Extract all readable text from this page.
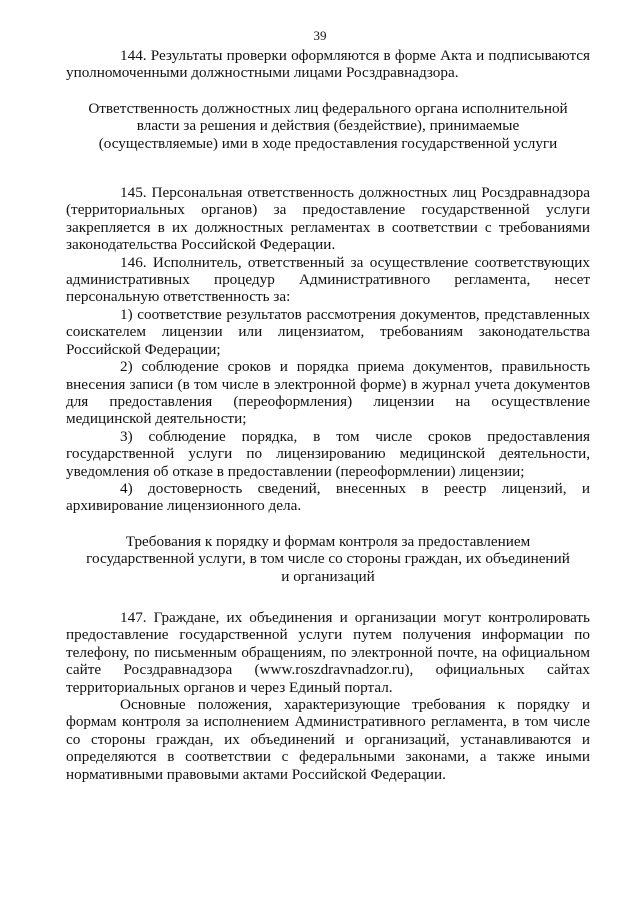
39

144. Результаты проверки оформляются в форме Акта и подписываются уполномоченными должностными лицами Росздравнадзора.

Ответственность должностных лиц федерального органа исполнительной власти за решения и действия (бездействие), принимаемые (осуществляемые) ими в ходе предоставления государственной услуги

145. Персональная ответственность должностных лиц Росздравнадзора (территориальных органов) за предоставление государственной услуги закрепляется в их должностных регламентах в соответствии с требованиями законодательства Российской Федерации.

146. Исполнитель, ответственный за осуществление соответствующих административных процедур Административного регламента, несет персональную ответственность за:

1) соответствие результатов рассмотрения документов, представленных соискателем лицензии или лицензиатом, требованиям законодательства Российской Федерации;

2) соблюдение сроков и порядка приема документов, правильность внесения записи (в том числе в электронной форме) в журнал учета документов для предоставления (переоформления) лицензии на осуществление медицинской деятельности;

3) соблюдение порядка, в том числе сроков предоставления государственной услуги по лицензированию медицинской деятельности, уведомления об отказе в предоставлении (переоформлении) лицензии;

4) достоверность сведений, внесенных в реестр лицензий, и архивирование лицензионного дела.

Требования к порядку и формам контроля за предоставлением государственной услуги, в том числе со стороны граждан, их объединений и организаций

147. Граждане, их объединения и организации могут контролировать предоставление государственной услуги путем получения информации по телефону, по письменным обращениям, по электронной почте, на официальном сайте Росздравнадзора (www.roszdravnadzor.ru), официальных сайтах территориальных органов и через Единый портал.

Основные положения, характеризующие требования к порядку и формам контроля за исполнением Административного регламента, в том числе со стороны граждан, их объединений и организаций, устанавливаются и определяются в соответствии с федеральными законами, а также иными нормативными правовыми актами Российской Федерации.
